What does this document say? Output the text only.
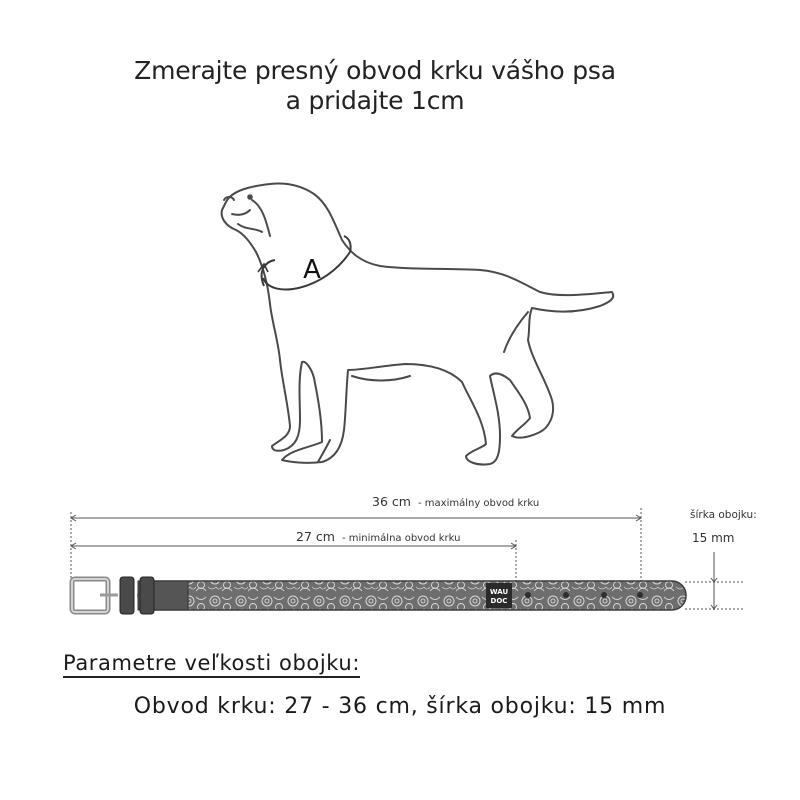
Zmerajte presný obvod krku vášho psa
a pridajte 1cm
A
36 cm - maximálny obvod krku
27 cm - minimálna obvod krku
šírka obojku:
15 mm
WAU
DOC
Parametre veľkosti obojku:
Obvod krku: 27 - 36 cm, šírka obojku: 15 mm
